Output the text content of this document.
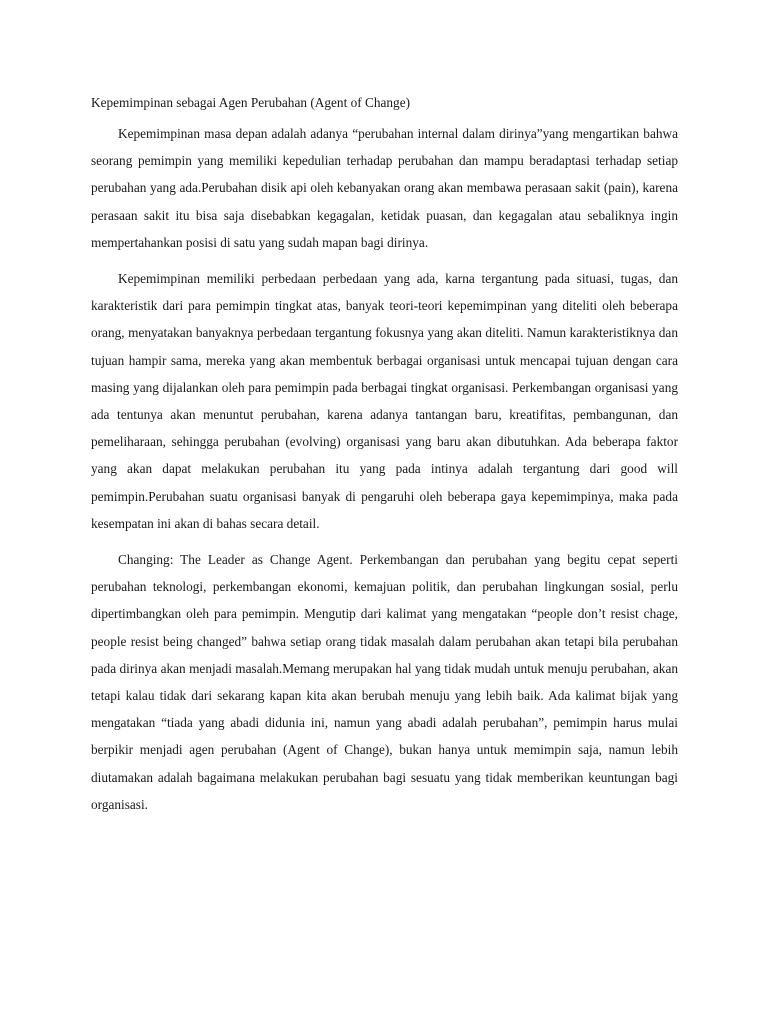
Kepemimpinan sebagai Agen Perubahan (Agent of Change)

Kepemimpinan masa depan adalah adanya “perubahan internal dalam dirinya”yang mengartikan bahwa seorang pemimpin yang memiliki kepedulian terhadap perubahan dan mampu beradaptasi terhadap setiap perubahan yang ada.Perubahan disik api oleh kebanyakan orang akan membawa perasaan sakit (pain), karena perasaan sakit itu bisa saja disebabkan kegagalan, ketidak puasan, dan kegagalan atau sebaliknya ingin mempertahankan posisi di satu yang sudah mapan bagi dirinya.

Kepemimpinan memiliki perbedaan perbedaan yang ada, karna tergantung pada situasi, tugas, dan karakteristik dari para pemimpin tingkat atas, banyak teori-teori kepemimpinan yang diteliti oleh beberapa orang, menyatakan banyaknya perbedaan tergantung fokusnya yang akan diteliti. Namun karakteristiknya dan tujuan hampir sama, mereka yang akan membentuk berbagai organisasi untuk mencapai tujuan dengan cara masing yang dijalankan oleh para pemimpin pada berbagai tingkat organisasi. Perkembangan organisasi yang ada tentunya akan menuntut perubahan, karena adanya tantangan baru, kreatifitas, pembangunan, dan pemeliharaan, sehingga perubahan (evolving) organisasi yang baru akan dibutuhkan. Ada beberapa faktor yang akan dapat melakukan perubahan itu yang pada intinya adalah tergantung dari good will pemimpin.Perubahan suatu organisasi banyak di pengaruhi oleh beberapa gaya kepemimpinya, maka pada kesempatan ini akan di bahas secara detail.

Changing: The Leader as Change Agent. Perkembangan dan perubahan yang begitu cepat seperti perubahan teknologi, perkembangan ekonomi, kemajuan politik, dan perubahan lingkungan sosial, perlu dipertimbangkan oleh para pemimpin. Mengutip dari kalimat yang mengatakan “people don’t resist chage, people resist being changed” bahwa setiap orang tidak masalah dalam perubahan akan tetapi bila perubahan pada dirinya akan menjadi masalah.Memang merupakan hal yang tidak mudah untuk menuju perubahan, akan tetapi kalau tidak dari sekarang kapan kita akan berubah menuju yang lebih baik. Ada kalimat bijak yang mengatakan “tiada yang abadi didunia ini, namun yang abadi adalah perubahan”, pemimpin harus mulai berpikir menjadi agen perubahan (Agent of Change), bukan hanya untuk memimpin saja, namun lebih diutamakan adalah bagaimana melakukan perubahan bagi sesuatu yang tidak memberikan keuntungan bagi organisasi.
